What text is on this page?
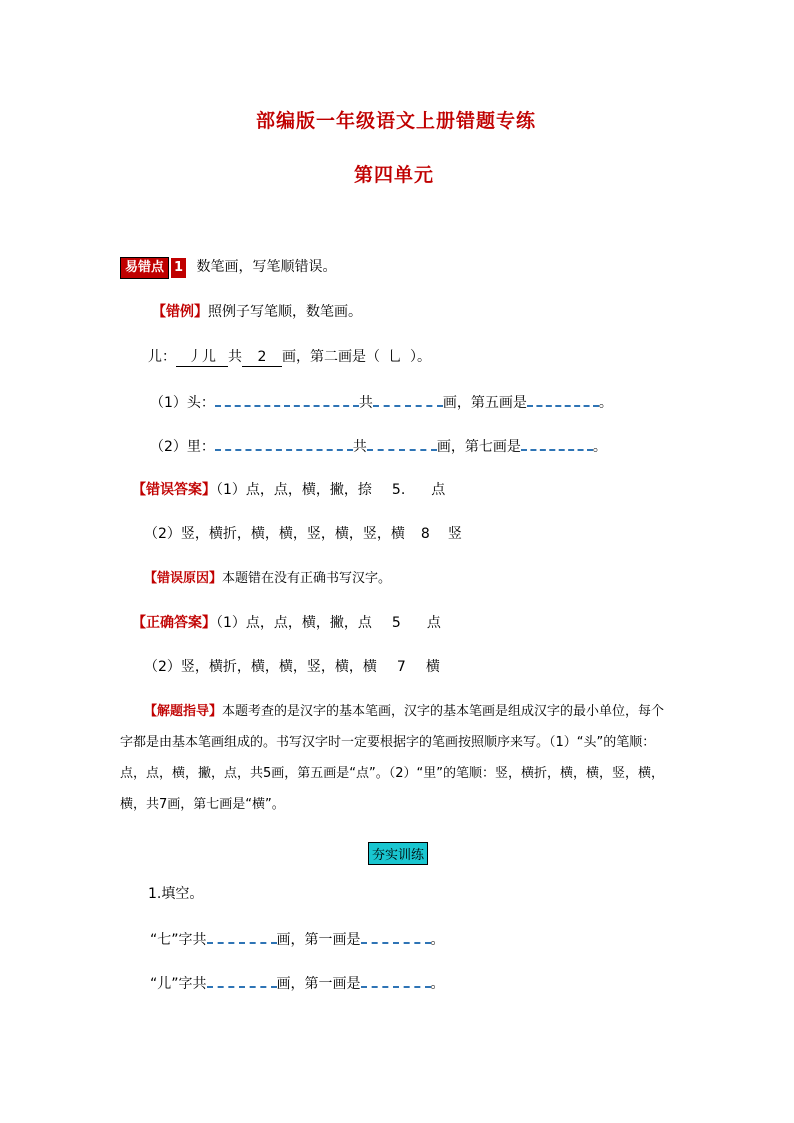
部编版一年级语文上册错题专练
第四单元
易错点 1 数笔画，写笔顺错误。
【错例】照例子写笔顺，数笔画。
儿： 丿儿 共 2 画，第二画是（ 乚 ）。
（1）头：	共	画，第五画是	。
（2）里：	共	画，第七画是	。
【错误答案】（1）点，点，横，撇，捺 5. 点
（2）竖，横折，横，横，竖，横，竖，横 8 竖
【错误原因】本题错在没有正确书写汉字。
【正确答案】（1）点，点，横，撇，点 5 点
（2）竖，横折，横，横，竖，横，横 7 横
【解题指导】本题考查的是汉字的基本笔画，汉字的基本笔画是组成汉字的最小单位，每个字都是由基本笔画组成的。书写汉字时一定要根据字的笔画按照顺序来写。（1）“头”的笔顺：点，点，横，撇，点，共5画，第五画是“点”。（2）“里”的笔顺：竖，横折，横，横，竖，横，横，共7画，第七画是“横”。
夯实训练
1.填空。
“七”字共	画，第一画是	。
“儿”字共	画，第一画是	。
